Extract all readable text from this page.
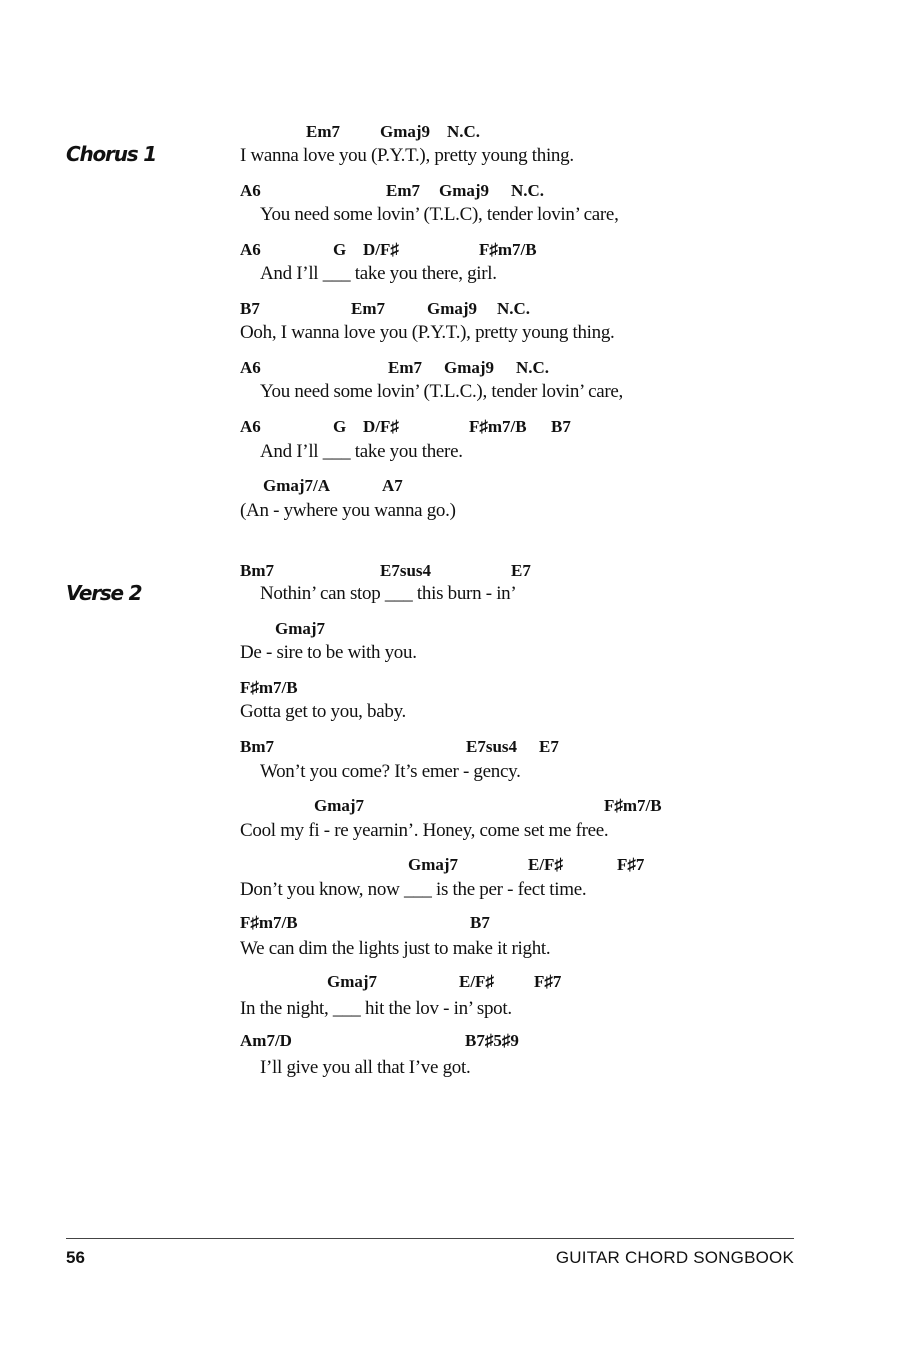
Chorus 1
Verse 2
Em7 Gmaj9 N.C.
I wanna love you (P.Y.T.), pretty young thing.
A6	Em7 Gmaj9 N.C.
You need some lovin’ (T.L.C), tender lovin’ care,
A6	G D/F♯	F♯m7/B
And I’ll ___ take you there, girl.
B7	Em7 Gmaj9 N.C.
Ooh, I wanna love you (P.Y.T.), pretty young thing.
A6	Em7 Gmaj9 N.C.
You need some lovin’ (T.L.C.), tender lovin’ care,
A6	G D/F♯	F♯m7/B B7
And I’ll ___ take you there.
Gmaj7/A	A7
(An - ywhere you wanna go.)
Bm7	E7sus4	E7
Nothin’ can stop ___ this burn - in’
Gmaj7
De - sire to be with you.
F♯m7/B
Gotta get to you, baby.
Bm7	E7sus4 E7
Won’t you come? It’s emer - gency.
Gmaj7	F♯m7/B
Cool my fi - re yearnin’. Honey, come set me free.
Gmaj7	E/F♯	F♯7
Don’t you know, now ___ is the per - fect time.
F♯m7/B	B7
We can dim the lights just to make it right.
Gmaj7	E/F♯ F♯7
In the night, ___ hit the lov - in’ spot.
Am7/D	B7♯5♯9
I’ll give you all that I’ve got.
56	GUITAR CHORD SONGBOOK
